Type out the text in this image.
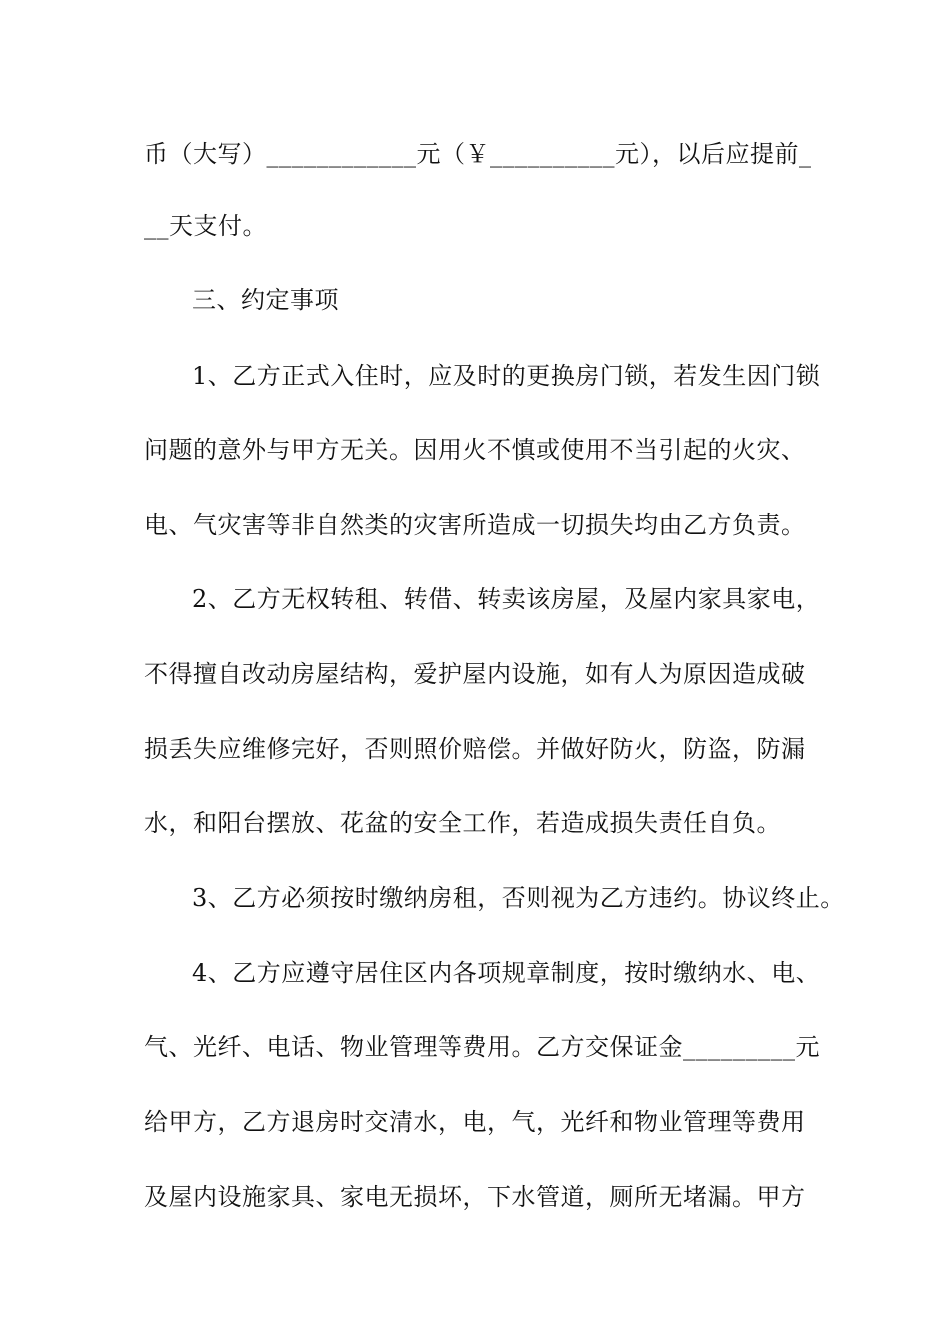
币（大写）____________元（￥__________元），以后应提前_
__天支付。
三、约定事项
1、乙方正式入住时，应及时的更换房门锁，若发生因门锁
问题的意外与甲方无关。因用火不慎或使用不当引起的火灾、
电、气灾害等非自然类的灾害所造成一切损失均由乙方负责。
2、乙方无权转租、转借、转卖该房屋，及屋内家具家电，
不得擅自改动房屋结构，爱护屋内设施，如有人为原因造成破
损丢失应维修完好，否则照价赔偿。并做好防火，防盗，防漏
水，和阳台摆放、花盆的安全工作，若造成损失责任自负。
3、乙方必须按时缴纳房租，否则视为乙方违约。协议终止。
4、乙方应遵守居住区内各项规章制度，按时缴纳水、电、
气、光纤、电话、物业管理等费用。乙方交保证金_________元
给甲方，乙方退房时交清水，电，气，光纤和物业管理等费用
及屋内设施家具、家电无损坏，下水管道，厕所无堵漏。甲方
